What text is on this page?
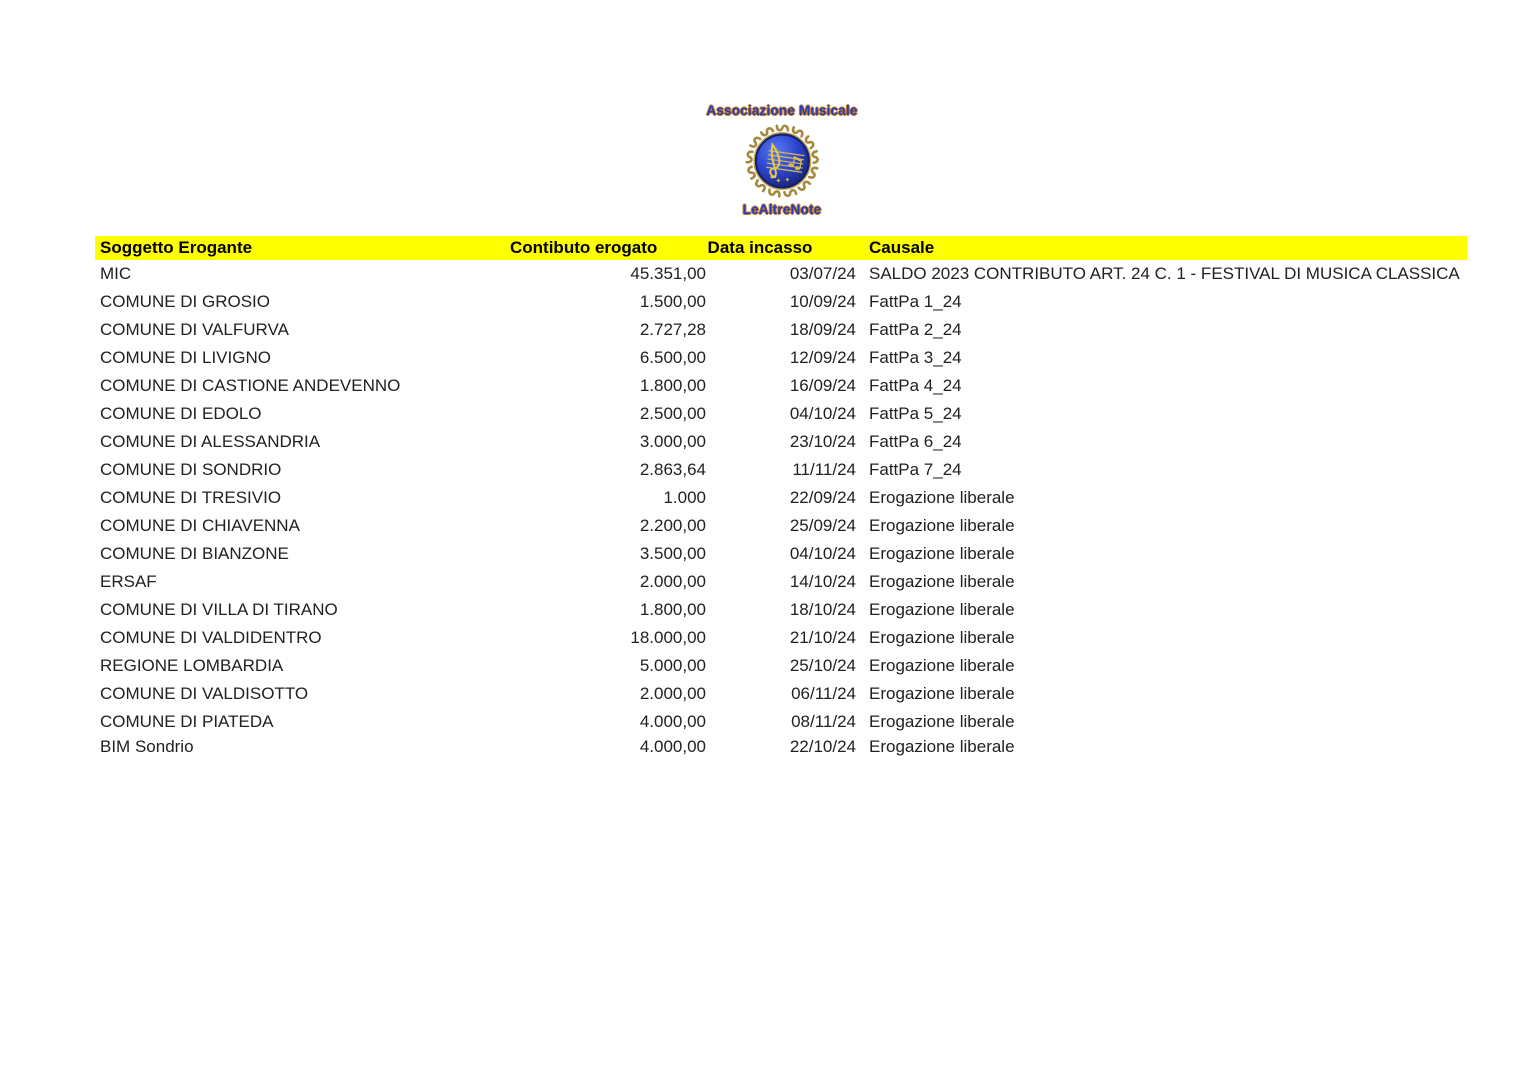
Associazione Musicale
LeAltreNote
Soggetto Erogante	Contibuto erogato	Data incasso	Causale
MIC	45.351,00	03/07/24 SALDO 2023 CONTRIBUTO ART. 24 C. 1 - FESTIVAL DI MUSICA CLASSICA
COMUNE DI GROSIO	1.500,00	10/09/24 FattPa 1_24
COMUNE DI VALFURVA	2.727,28	18/09/24 FattPa 2_24
COMUNE DI LIVIGNO	6.500,00	12/09/24 FattPa 3_24
COMUNE DI CASTIONE ANDEVENNO	1.800,00	16/09/24 FattPa 4_24
COMUNE DI EDOLO	2.500,00	04/10/24 FattPa 5_24
COMUNE DI ALESSANDRIA	3.000,00	23/10/24 FattPa 6_24
COMUNE DI SONDRIO	2.863,64	11/11/24 FattPa 7_24
COMUNE DI TRESIVIO	1.000	22/09/24 Erogazione liberale
COMUNE DI CHIAVENNA	2.200,00	25/09/24 Erogazione liberale
COMUNE DI BIANZONE	3.500,00	04/10/24 Erogazione liberale
ERSAF	2.000,00	14/10/24 Erogazione liberale
COMUNE DI VILLA DI TIRANO	1.800,00	18/10/24 Erogazione liberale
COMUNE DI VALDIDENTRO	18.000,00	21/10/24 Erogazione liberale
REGIONE LOMBARDIA	5.000,00	25/10/24 Erogazione liberale
COMUNE DI VALDISOTTO	2.000,00	06/11/24 Erogazione liberale
COMUNE DI PIATEDA	4.000,00	08/11/24 Erogazione liberale
BIM Sondrio	4.000,00	22/10/24 Erogazione liberale
